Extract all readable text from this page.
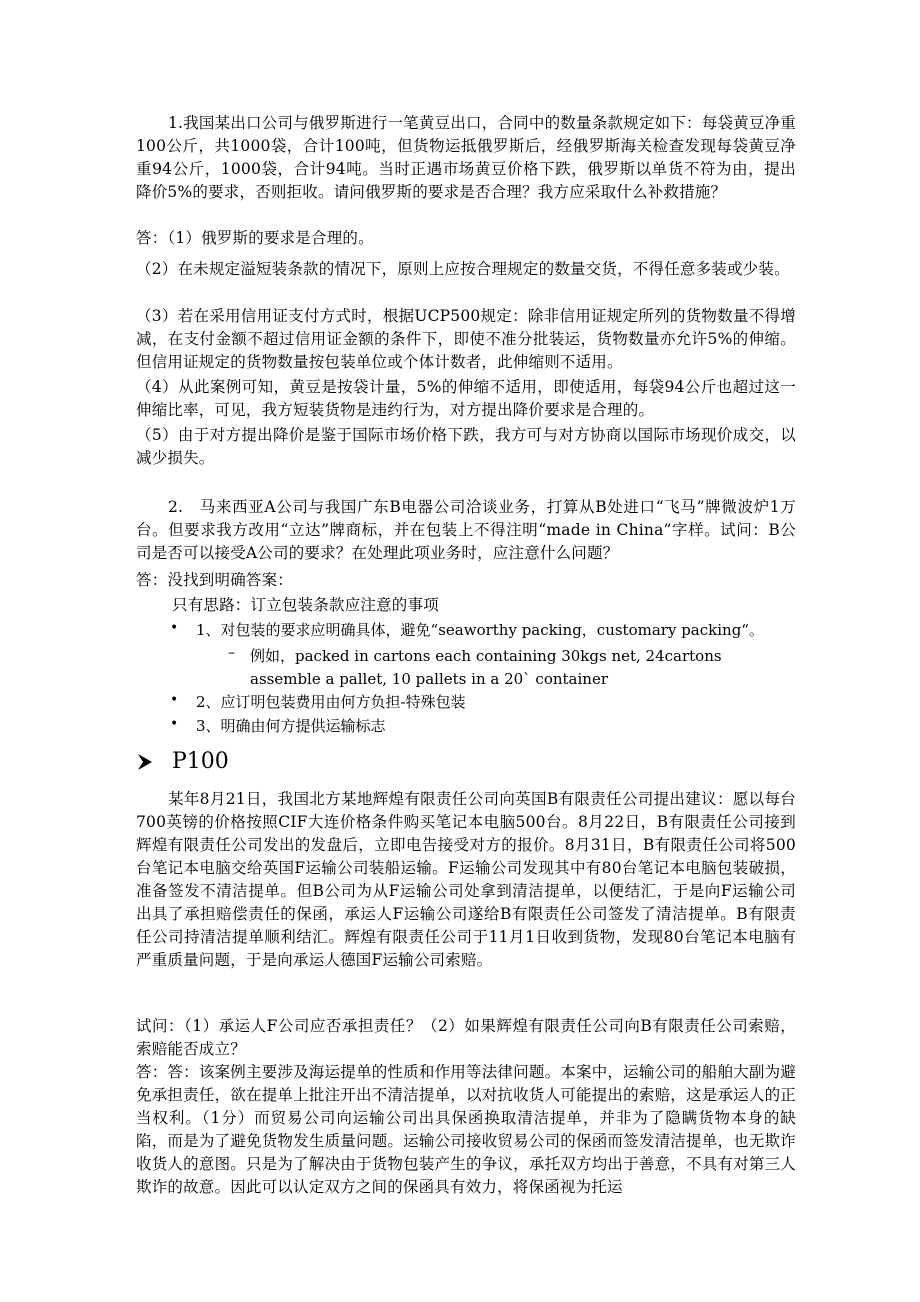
1.我国某出口公司与俄罗斯进行一笔黄豆出口，合同中的数量条款规定如下：每袋黄豆净重100公斤，共1000袋，合计100吨，但货物运抵俄罗斯后，经俄罗斯海关检查发现每袋黄豆净重94公斤，1000袋，合计94吨。当时正遇市场黄豆价格下跌，俄罗斯以单货不符为由，提出降价5%的要求，否则拒收。请问俄罗斯的要求是否合理？我方应采取什么补救措施？

答：（1）俄罗斯的要求是合理的。

（2）在未规定溢短装条款的情况下，原则上应按合理规定的数量交货，不得任意多装或少装。

（3）若在采用信用证支付方式时，根据UCP500规定：除非信用证规定所列的货物数量不得增减，在支付金额不超过信用证金额的条件下，即使不准分批装运，货物数量亦允许5%的伸缩。但信用证规定的货物数量按包装单位或个体计数者，此伸缩则不适用。

（4）从此案例可知，黄豆是按袋计量，5%的伸缩不适用，即使适用，每袋94公斤也超过这一伸缩比率，可见，我方短装货物是违约行为，对方提出降价要求是合理的。

（5）由于对方提出降价是鉴于国际市场价格下跌，我方可与对方协商以国际市场现价成交，以减少损失。

2.　马来西亚A公司与我国广东B电器公司洽谈业务，打算从B处进口“飞马”牌微波炉1万台。但要求我方改用“立达”牌商标，并在包装上不得注明“made in China”字样。试问：B公司是否可以接受A公司的要求？在处理此项业务时，应注意什么问题？

答：没找到明确答案：

只有思路：订立包装条款应注意的事项

• 1、对包装的要求应明确具体，避免“seaworthy packing，customary packing“。

– 例如，packed in cartons each containing 30kgs net, 24cartons assemble a pallet, 10 pallets in a 20` container

• 2、应订明包装费用由何方负担-特殊包装

• 3、明确由何方提供运输标志

P100

某年8月21日，我国北方某地辉煌有限责任公司向英国B有限责任公司提出建议：愿以每台700英镑的价格按照CIF大连价格条件购买笔记本电脑500台。8月22日，B有限责任公司接到辉煌有限责任公司发出的发盘后，立即电告接受对方的报价。8月31日，B有限责任公司将500台笔记本电脑交给英国F运输公司装船运输。F运输公司发现其中有80台笔记本电脑包装破损，准备签发不清洁提单。但B公司为从F运输公司处拿到清洁提单，以便结汇，于是向F运输公司出具了承担赔偿责任的保函，承运人F运输公司遂给B有限责任公司签发了清洁提单。B有限责任公司持清洁提单顺利结汇。辉煌有限责任公司于11月1日收到货物，发现80台笔记本电脑有严重质量问题，于是向承运人德国F运输公司索赔。

试问：（1）承运人F公司应否承担责任？（2）如果辉煌有限责任公司向B有限责任公司索赔，索赔能否成立？

答：答：该案例主要涉及海运提单的性质和作用等法律问题。本案中，运输公司的船舶大副为避免承担责任，欲在提单上批注开出不清洁提单，以对抗收货人可能提出的索赔，这是承运人的正当权利。（1分）而贸易公司向运输公司出具保函换取清洁提单，并非为了隐瞒货物本身的缺陷，而是为了避免货物发生质量问题。运输公司接收贸易公司的保函而签发清洁提单，也无欺诈收货人的意图。只是为了解决由于货物包装产生的争议，承托双方均出于善意，不具有对第三人欺诈的故意。因此可以认定双方之间的保函具有效力，将保函视为托运
